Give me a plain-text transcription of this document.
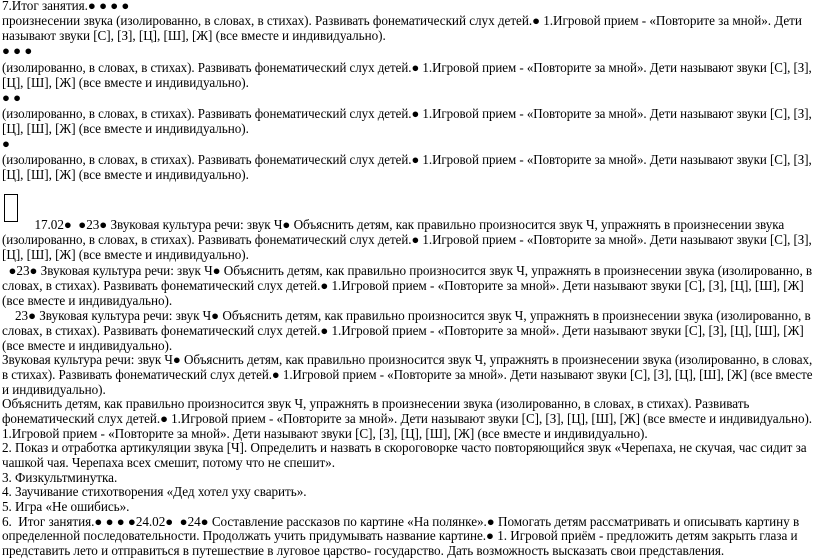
7.Итог занятия.● ● ● ●
произнесении звука (изолированно, в словах, в стихах). Развивать фонематический слух детей.● 1.Игровой прием - «Повторите за мной». Дети
называют звуки [С], [З], [Ц], [Ш], [Ж] (все вместе и индивидуально).
● ● ●
(изолированно, в словах, в стихах). Развивать фонематический слух детей.● 1.Игровой прием - «Повторите за мной». Дети называют звуки [С], [З],
[Ц], [Ш], [Ж] (все вместе и индивидуально).
● ●
(изолированно, в словах, в стихах). Развивать фонематический слух детей.● 1.Игровой прием - «Повторите за мной». Дети называют звуки [С], [З],
[Ц], [Ш], [Ж] (все вместе и индивидуально).
●
(изолированно, в словах, в стихах). Развивать фонематический слух детей.● 1.Игровой прием - «Повторите за мной». Дети называют звуки [С], [З],
[Ц], [Ш], [Ж] (все вместе и индивидуально).
17.02●  ●23● Звуковая культура речи: звук Ч● Объяснить детям, как правильно произносится звук Ч, упражнять в произнесении звука
(изолированно, в словах, в стихах). Развивать фонематический слух детей.● 1.Игровой прием - «Повторите за мной». Дети называют звуки [С], [З],
[Ц], [Ш], [Ж] (все вместе и индивидуально).
●23● Звуковая культура речи: звук Ч● Объяснить детям, как правильно произносится звук Ч, упражнять в произнесении звука (изолированно, в
словах, в стихах). Развивать фонематический слух детей.● 1.Игровой прием - «Повторите за мной». Дети называют звуки [С], [З], [Ц], [Ш], [Ж]
(все вместе и индивидуально).
23● Звуковая культура речи: звук Ч● Объяснить детям, как правильно произносится звук Ч, упражнять в произнесении звука (изолированно, в
словах, в стихах). Развивать фонематический слух детей.● 1.Игровой прием - «Повторите за мной». Дети называют звуки [С], [З], [Ц], [Ш], [Ж]
(все вместе и индивидуально).
Звуковая культура речи: звук Ч● Объяснить детям, как правильно произносится звук Ч, упражнять в произнесении звука (изолированно, в словах,
в стихах). Развивать фонематический слух детей.● 1.Игровой прием - «Повторите за мной». Дети называют звуки [С], [З], [Ц], [Ш], [Ж] (все вместе
и индивидуально).
Объяснить детям, как правильно произносится звук Ч, упражнять в произнесении звука (изолированно, в словах, в стихах). Развивать
фонематический слух детей.● 1.Игровой прием - «Повторите за мной». Дети называют звуки [С], [З], [Ц], [Ш], [Ж] (все вместе и индивидуально).
1.Игровой прием - «Повторите за мной». Дети называют звуки [С], [З], [Ц], [Ш], [Ж] (все вместе и индивидуально).
2. Показ и отработка артикуляции звука [Ч]. Определить и назвать в скороговорке часто повторяющийся звук «Черепаха, не скучая, час сидит за
чашкой чая. Черепаха всех смешит, потому что не спешит».
3. Физкультминутка.
4. Заучивание стихотворения «Дед хотел уху сварить».
5. Игра «Не ошибись».
6.  Итог занятия.● ● ● ●24.02●  ●24● Составление рассказов по картине «На полянке».● Помогать детям рассматривать и описывать картину в
определенной последовательности. Продолжать учить придумывать название картине.● 1. Игровой приём - предложить детям закрыть глаза и
представить лето и отправиться в путешествие в луговое царство- государство. Дать возможность высказать свои представления.
